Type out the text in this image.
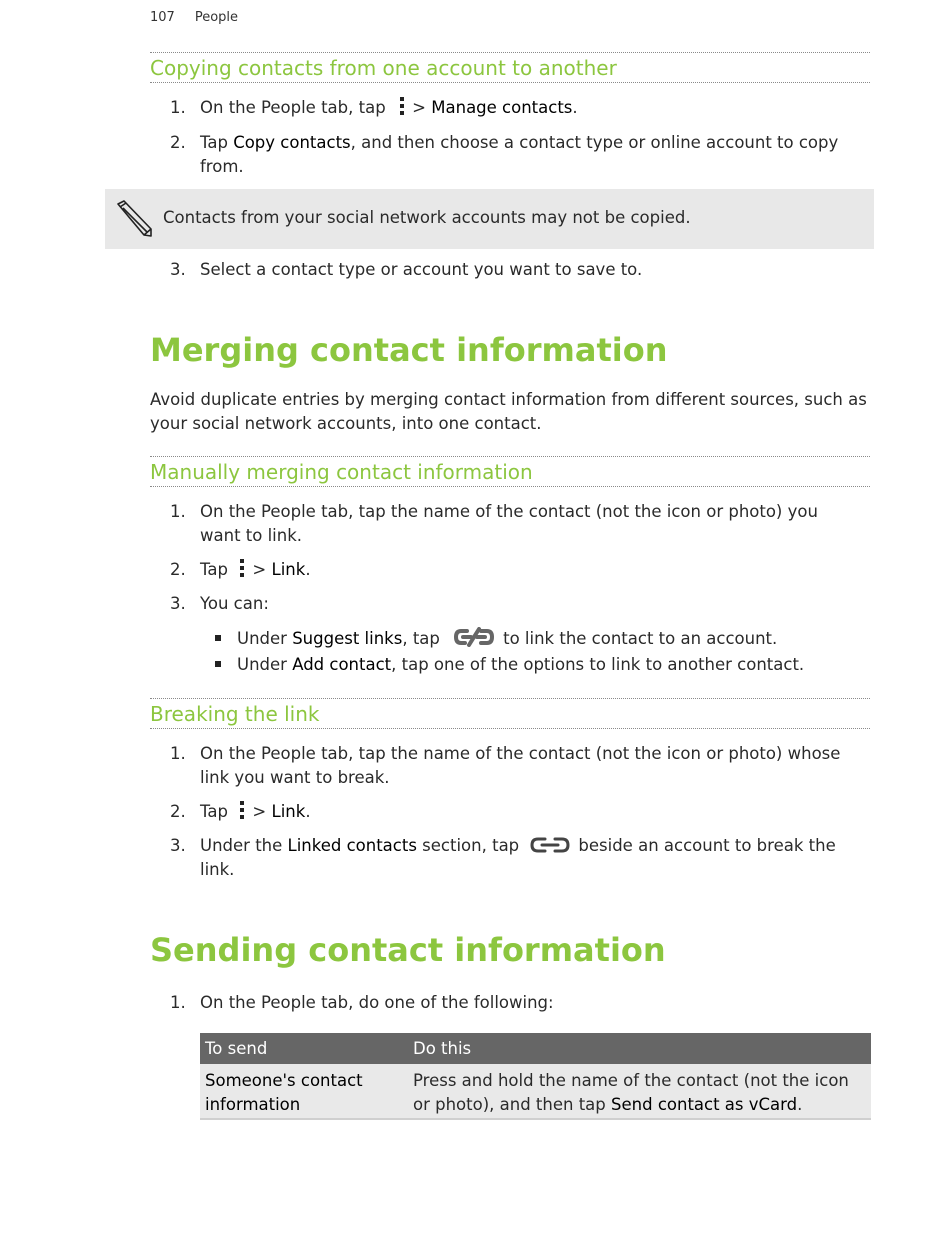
107 People
Copying contacts from one account to another
1. On the People tab, tap  > Manage contacts.
2. Tap Copy contacts, and then choose a contact type or online account to copy from.
Contacts from your social network accounts may not be copied.
3. Select a contact type or account you want to save to.
Merging contact information
Avoid duplicate entries by merging contact information from different sources, such as your social network accounts, into one contact.
Manually merging contact information
1. On the People tab, tap the name of the contact (not the icon or photo) you want to link.
2. Tap  > Link.
3. You can:
Under Suggest links, tap	to link the contact to an account.
Under Add contact, tap one of the options to link to another contact.
Breaking the link
1. On the People tab, tap the name of the contact (not the icon or photo) whose link you want to break.
2. Tap  > Link.
3. Under the Linked contacts section, tap	beside an account to break the link.
Sending contact information
1. On the People tab, do one of the following:
To send	Do this
Someone's contact information	Press and hold the name of the contact (not the icon or photo), and then tap Send contact as vCard.
